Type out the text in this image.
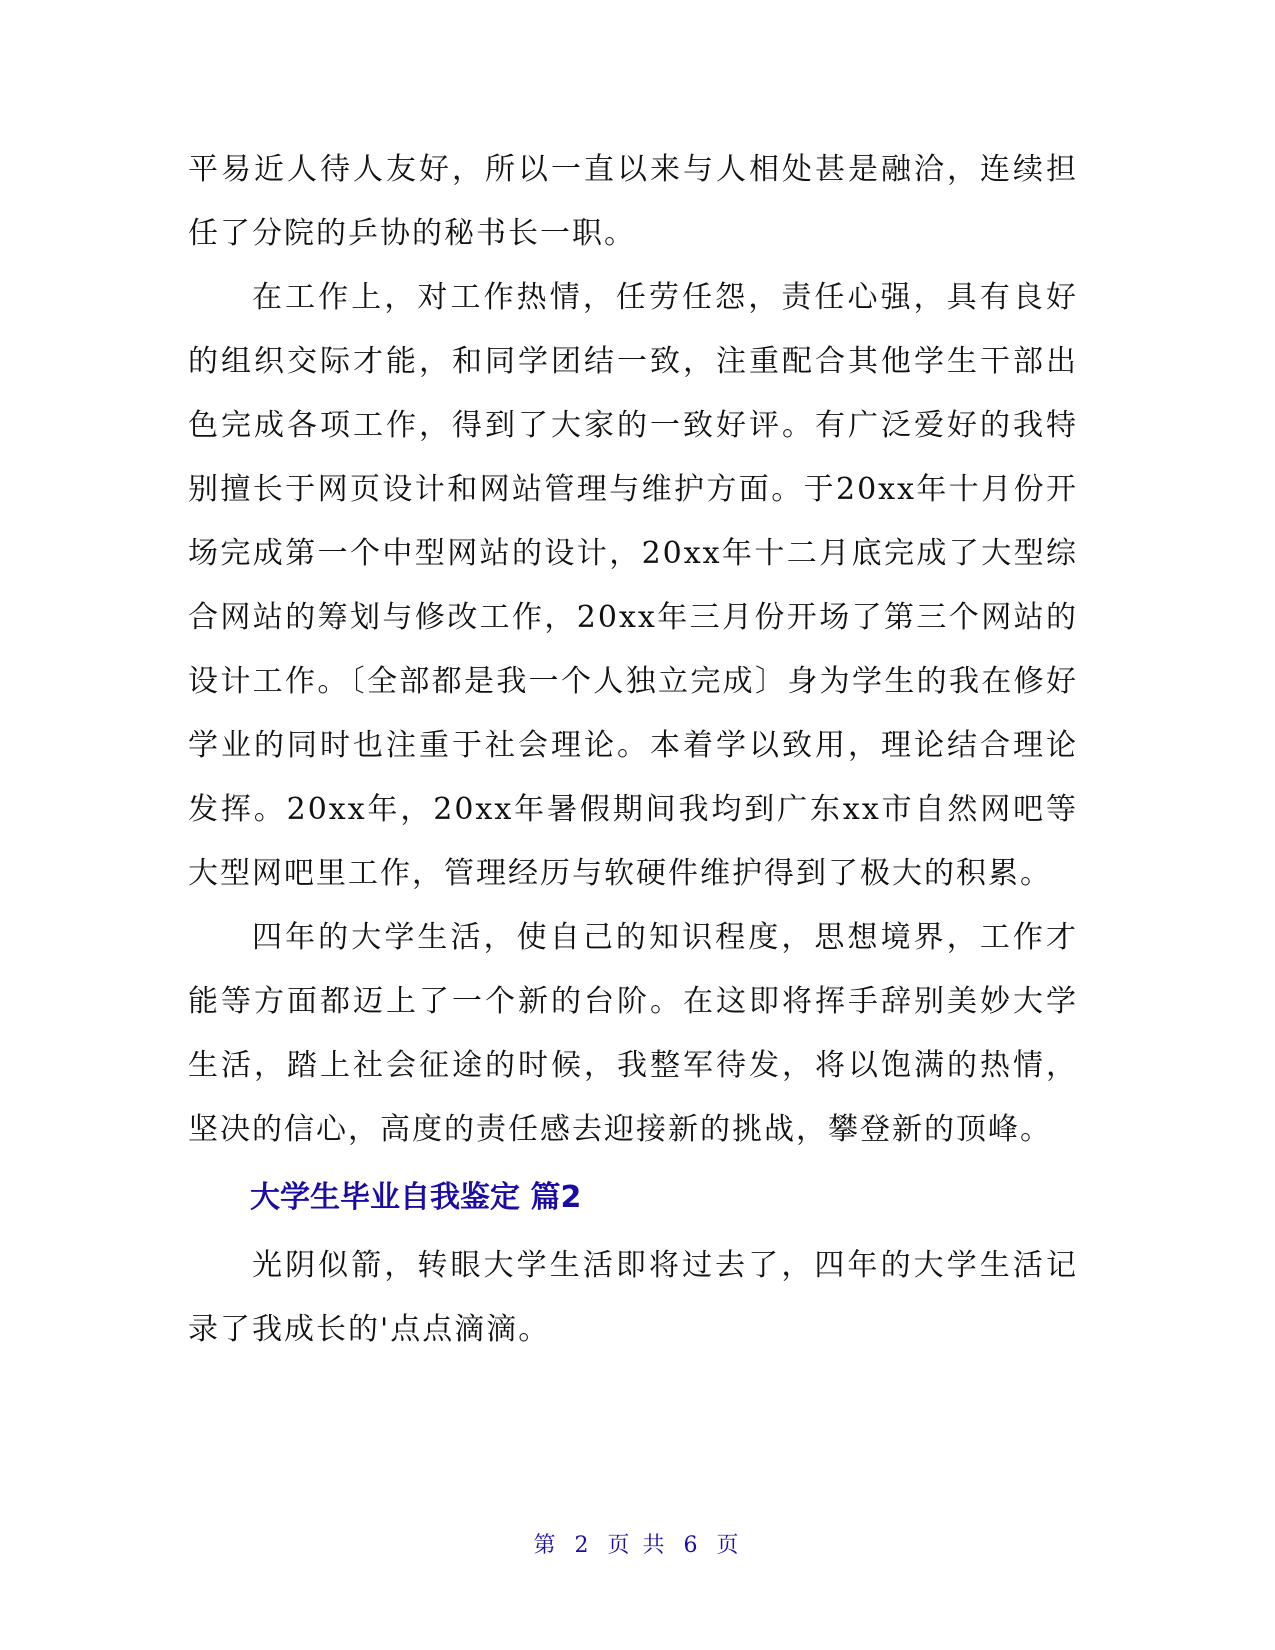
平易近人待人友好，所以一直以来与人相处甚是融洽，连续担任了分院的乒协的秘书长一职。

在工作上，对工作热情，任劳任怨，责任心强，具有良好的组织交际才能，和同学团结一致，注重配合其他学生干部出色完成各项工作，得到了大家的一致好评。有广泛爱好的我特别擅长于网页设计和网站管理与维护方面。于20xx年十月份开场完成第一个中型网站的设计，20xx年十二月底完成了大型综合网站的筹划与修改工作，20xx年三月份开场了第三个网站的设计工作。〔全部都是我一个人独立完成〕身为学生的我在修好学业的同时也注重于社会理论。本着学以致用，理论结合理论发挥。20xx年，20xx年暑假期间我均到广东xx市自然网吧等大型网吧里工作，管理经历与软硬件维护得到了极大的积累。

四年的大学生活，使自己的知识程度，思想境界，工作才能等方面都迈上了一个新的台阶。在这即将挥手辞别美妙大学生活，踏上社会征途的时候，我整军待发，将以饱满的热情，坚决的信心，高度的责任感去迎接新的挑战，攀登新的顶峰。

大学生毕业自我鉴定 篇2

光阴似箭，转眼大学生活即将过去了，四年的大学生活记录了我成长的'点点滴滴。

第 2 页 共 6 页
